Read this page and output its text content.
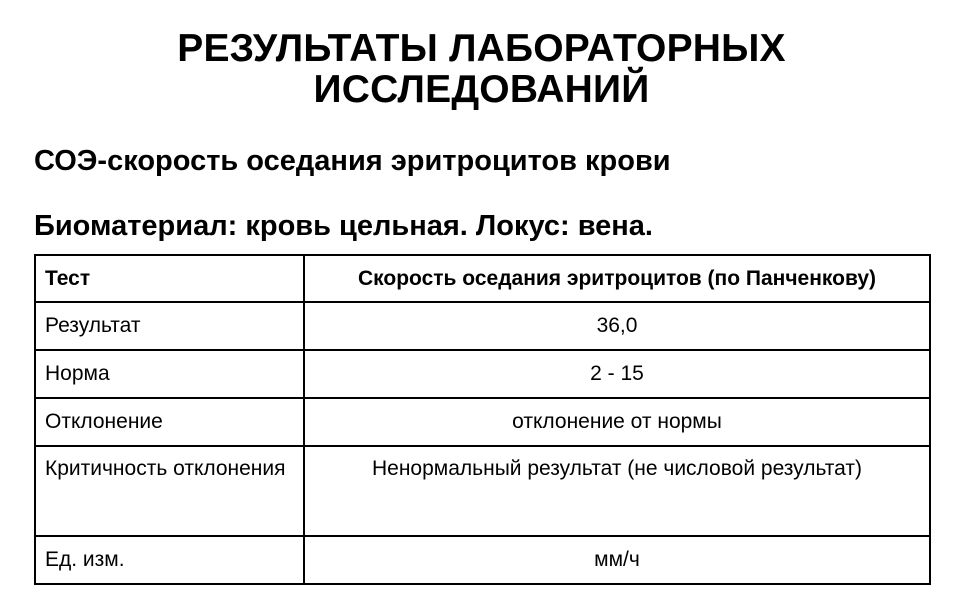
РЕЗУЛЬТАТЫ ЛАБОРАТОРНЫХ
ИССЛЕДОВАНИЙ
СОЭ-скорость оседания эритроцитов крови
Биоматериал: кровь цельная. Локус: вена.
Тест	Скорость оседания эритроцитов (по Панченкову)
Результат	36,0
Норма	2 - 15
Отклонение	отклонение от нормы
Критичность отклонения	Ненормальный результат (не числовой результат)
Ед. изм.	мм/ч
